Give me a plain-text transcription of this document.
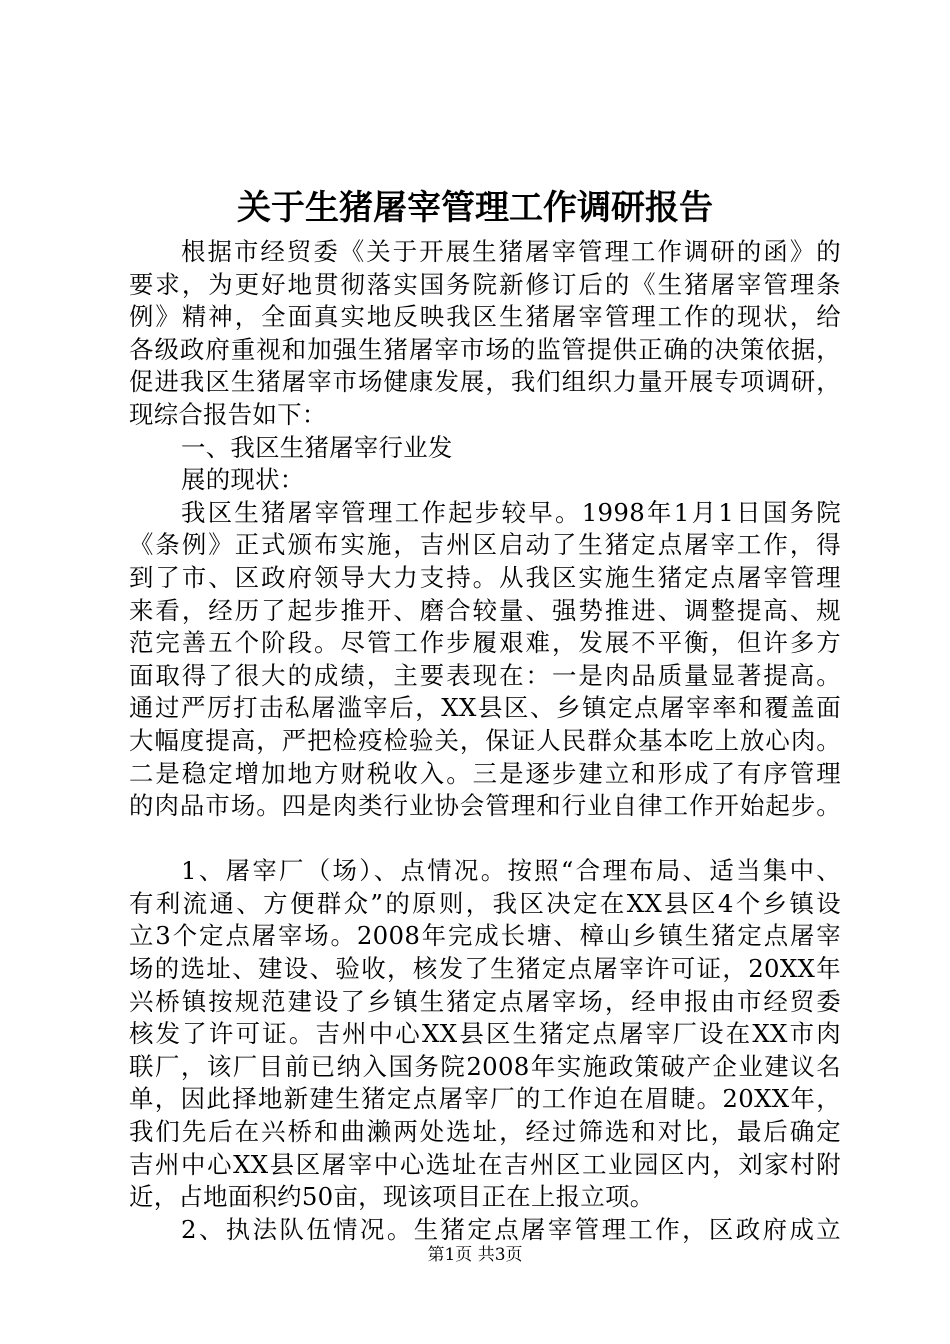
关于生猪屠宰管理工作调研报告
根据市经贸委《关于开展生猪屠宰管理工作调研的函》的
要求，为更好地贯彻落实国务院新修订后的《生猪屠宰管理条
例》精神，全面真实地反映我区生猪屠宰管理工作的现状，给
各级政府重视和加强生猪屠宰市场的监管提供正确的决策依据，
促进我区生猪屠宰市场健康发展，我们组织力量开展专项调研，
现综合报告如下：
一、我区生猪屠宰行业发
展的现状：
我区生猪屠宰管理工作起步较早。1998年1月1日国务院
《条例》正式颁布实施，吉州区启动了生猪定点屠宰工作，得
到了市、区政府领导大力支持。从我区实施生猪定点屠宰管理
来看，经历了起步推开、磨合较量、强势推进、调整提高、规
范完善五个阶段。尽管工作步履艰难，发展不平衡，但许多方
面取得了很大的成绩，主要表现在：一是肉品质量显著提高。
通过严厉打击私屠滥宰后，XX县区、乡镇定点屠宰率和覆盖面
大幅度提高，严把检疫检验关，保证人民群众基本吃上放心肉。
二是稳定增加地方财税收入。三是逐步建立和形成了有序管理
的肉品市场。四是肉类行业协会管理和行业自律工作开始起步。
1、屠宰厂（场）、点情况。按照“合理布局、适当集中、
有利流通、方便群众”的原则，我区决定在XX县区4个乡镇设
立3个定点屠宰场。2008年完成长塘、樟山乡镇生猪定点屠宰
场的选址、建设、验收，核发了生猪定点屠宰许可证，20XX年
兴桥镇按规范建设了乡镇生猪定点屠宰场，经申报由市经贸委
核发了许可证。吉州中心XX县区生猪定点屠宰厂设在XX市肉
联厂，该厂目前已纳入国务院2008年实施政策破产企业建议名
单，因此择地新建生猪定点屠宰厂的工作迫在眉睫。20XX年，
我们先后在兴桥和曲濑两处选址，经过筛选和对比，最后确定
吉州中心XX县区屠宰中心选址在吉州区工业园区内，刘家村附
近，占地面积约50亩，现该项目正在上报立项。
2、执法队伍情况。生猪定点屠宰管理工作，区政府成立
第1页 共3页
